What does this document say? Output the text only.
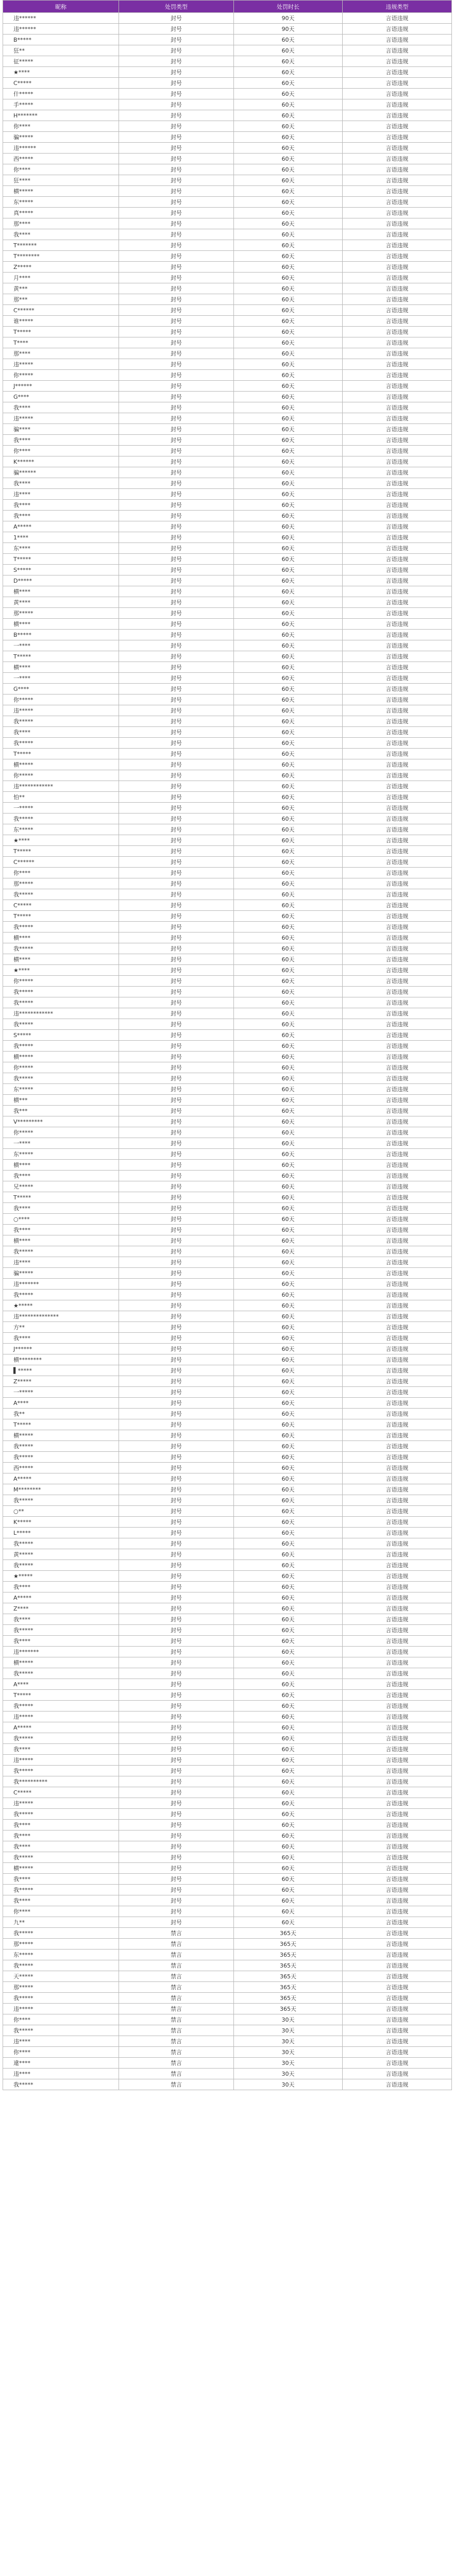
昵称	处罚类型	处罚时长	违规类型
违******	封号	90天	言语违规
违******	封号	90天	言语违规
B*****	封号	60天	言语违规
狂**	封号	60天	言语违规
征*****	封号	60天	言语违规
★****	封号	60天	言语违规
C*****	封号	60天	言语违规
什*****	封号	60天	言语违规
手*****	封号	60天	言语违规
H*******	封号	60天	言语违规
你****	封号	60天	言语违规
骗*****	封号	60天	言语违规
违******	封号	60天	言语违规
西*****	封号	60天	言语违规
你****	封号	60天	言语违规
狂****	封号	60天	言语违规
横*****	封号	60天	言语违规
东*****	封号	60天	言语违规
真*****	封号	60天	言语违规
那****	封号	60天	言语违规
我****	封号	60天	言语违规
T*******	封号	60天	言语违规
T********	封号	60天	言语违规
Z*****	封号	60天	言语违规
月****	封号	60天	言语违规
黄***	封号	60天	言语违规
那***	封号	60天	言语违规
C******	封号	60天	言语违规
谁*****	封号	60天	言语违规
T*****	封号	60天	言语违规
T****	封号	60天	言语违规
那****	封号	60天	言语违规
违*****	封号	60天	言语违规
你*****	封号	60天	言语违规
J******	封号	60天	言语违规
G****	封号	60天	言语违规
我****	封号	60天	言语违规
违*****	封号	60天	言语违规
骗****	封号	60天	言语违规
我****	封号	60天	言语违规
你****	封号	60天	言语违规
K******	封号	60天	言语违规
骗******	封号	60天	言语违规
我****	封号	60天	言语违规
违****	封号	60天	言语违规
我****	封号	60天	言语违规
我****	封号	60天	言语违规
A*****	封号	60天	言语违规
1****	封号	60天	言语违规
东****	封号	60天	言语违规
T*****	封号	60天	言语违规
S*****	封号	60天	言语违规
D*****	封号	60天	言语违规
横****	封号	60天	言语违规
黄****	封号	60天	言语违规
那*****	封号	60天	言语违规
横****	封号	60天	言语违规
B*****	封号	60天	言语违规
一****	封号	60天	言语违规
T*****	封号	60天	言语违规
横****	封号	60天	言语违规
一****	封号	60天	言语违规
G****	封号	60天	言语违规
你*****	封号	60天	言语违规
违*****	封号	60天	言语违规
我*****	封号	60天	言语违规
我****	封号	60天	言语违规
我*****	封号	60天	言语违规
T*****	封号	60天	言语违规
横*****	封号	60天	言语违规
你*****	封号	60天	言语违规
违************	封号	60天	言语违规
怕**	封号	60天	言语违规
一*****	封号	60天	言语违规
我*****	封号	60天	言语违规
东*****	封号	60天	言语违规
★****	封号	60天	言语违规
T*****	封号	60天	言语违规
C******	封号	60天	言语违规
你****	封号	60天	言语违规
那*****	封号	60天	言语违规
我*****	封号	60天	言语违规
C*****	封号	60天	言语违规
T*****	封号	60天	言语违规
我*****	封号	60天	言语违规
横****	封号	60天	言语违规
我*****	封号	60天	言语违规
横****	封号	60天	言语违规
★****	封号	60天	言语违规
你*****	封号	60天	言语违规
我*****	封号	60天	言语违规
我*****	封号	60天	言语违规
违************	封号	60天	言语违规
我*****	封号	60天	言语违规
S*****	封号	60天	言语违规
我*****	封号	60天	言语违规
横*****	封号	60天	言语违规
你*****	封号	60天	言语违规
我*****	封号	60天	言语违规
东*****	封号	60天	言语违规
横***	封号	60天	言语违规
我***	封号	60天	言语违规
V*********	封号	60天	言语违规
你*****	封号	60天	言语违规
一****	封号	60天	言语违规
东*****	封号	60天	言语违规
横****	封号	60天	言语违规
我****	封号	60天	言语违规
兄*****	封号	60天	言语违规
T*****	封号	60天	言语违规
我****	封号	60天	言语违规
○****	封号	60天	言语违规
我****	封号	60天	言语违规
横****	封号	60天	言语违规
我*****	封号	60天	言语违规
违****	封号	60天	言语违规
骗*****	封号	60天	言语违规
违*******	封号	60天	言语违规
我*****	封号	60天	言语违规
★*****	封号	60天	言语违规
违**************	封号	60天	言语违规
方**	封号	60天	言语违规
我****	封号	60天	言语违规
J******	封号	60天	言语违规
横********	封号	60天	言语违规
▌*****	封号	60天	言语违规
Z*****	封号	60天	言语违规
一*****	封号	60天	言语违规
A****	封号	60天	言语违规
我**	封号	60天	言语违规
T*****	封号	60天	言语违规
横*****	封号	60天	言语违规
我*****	封号	60天	言语违规
我*****	封号	60天	言语违规
西*****	封号	60天	言语违规
A*****	封号	60天	言语违规
M********	封号	60天	言语违规
我*****	封号	60天	言语违规
○**	封号	60天	言语违规
K*****	封号	60天	言语违规
L*****	封号	60天	言语违规
我*****	封号	60天	言语违规
黄*****	封号	60天	言语违规
我*****	封号	60天	言语违规
★*****	封号	60天	言语违规
我****	封号	60天	言语违规
A*****	封号	60天	言语违规
Z****	封号	60天	言语违规
我****	封号	60天	言语违规
我*****	封号	60天	言语违规
我****	封号	60天	言语违规
违*******	封号	60天	言语违规
横*****	封号	60天	言语违规
我*****	封号	60天	言语违规
A****	封号	60天	言语违规
T*****	封号	60天	言语违规
我*****	封号	60天	言语违规
违*****	封号	60天	言语违规
A*****	封号	60天	言语违规
我*****	封号	60天	言语违规
我****	封号	60天	言语违规
违*****	封号	60天	言语违规
我*****	封号	60天	言语违规
我**********	封号	60天	言语违规
C*****	封号	60天	言语违规
违*****	封号	60天	言语违规
我*****	封号	60天	言语违规
我****	封号	60天	言语违规
我****	封号	60天	言语违规
我****	封号	60天	言语违规
我*****	封号	60天	言语违规
横*****	封号	60天	言语违规
我****	封号	60天	言语违规
我*****	封号	60天	言语违规
我****	封号	60天	言语违规
你****	封号	60天	言语违规
九**	封号	60天	言语违规
我*****	禁言	365天	言语违规
那*****	禁言	365天	言语违规
东*****	禁言	365天	言语违规
我*****	禁言	365天	言语违规
天*****	禁言	365天	言语违规
那*****	禁言	365天	言语违规
我*****	禁言	365天	言语违规
违*****	禁言	365天	言语违规
你****	禁言	30天	言语违规
我*****	禁言	30天	言语违规
违****	禁言	30天	言语违规
你****	禁言	30天	言语违规
違****	禁言	30天	言语违规
违****	禁言	30天	言语违规
我*****	禁言	30天	言语违规
